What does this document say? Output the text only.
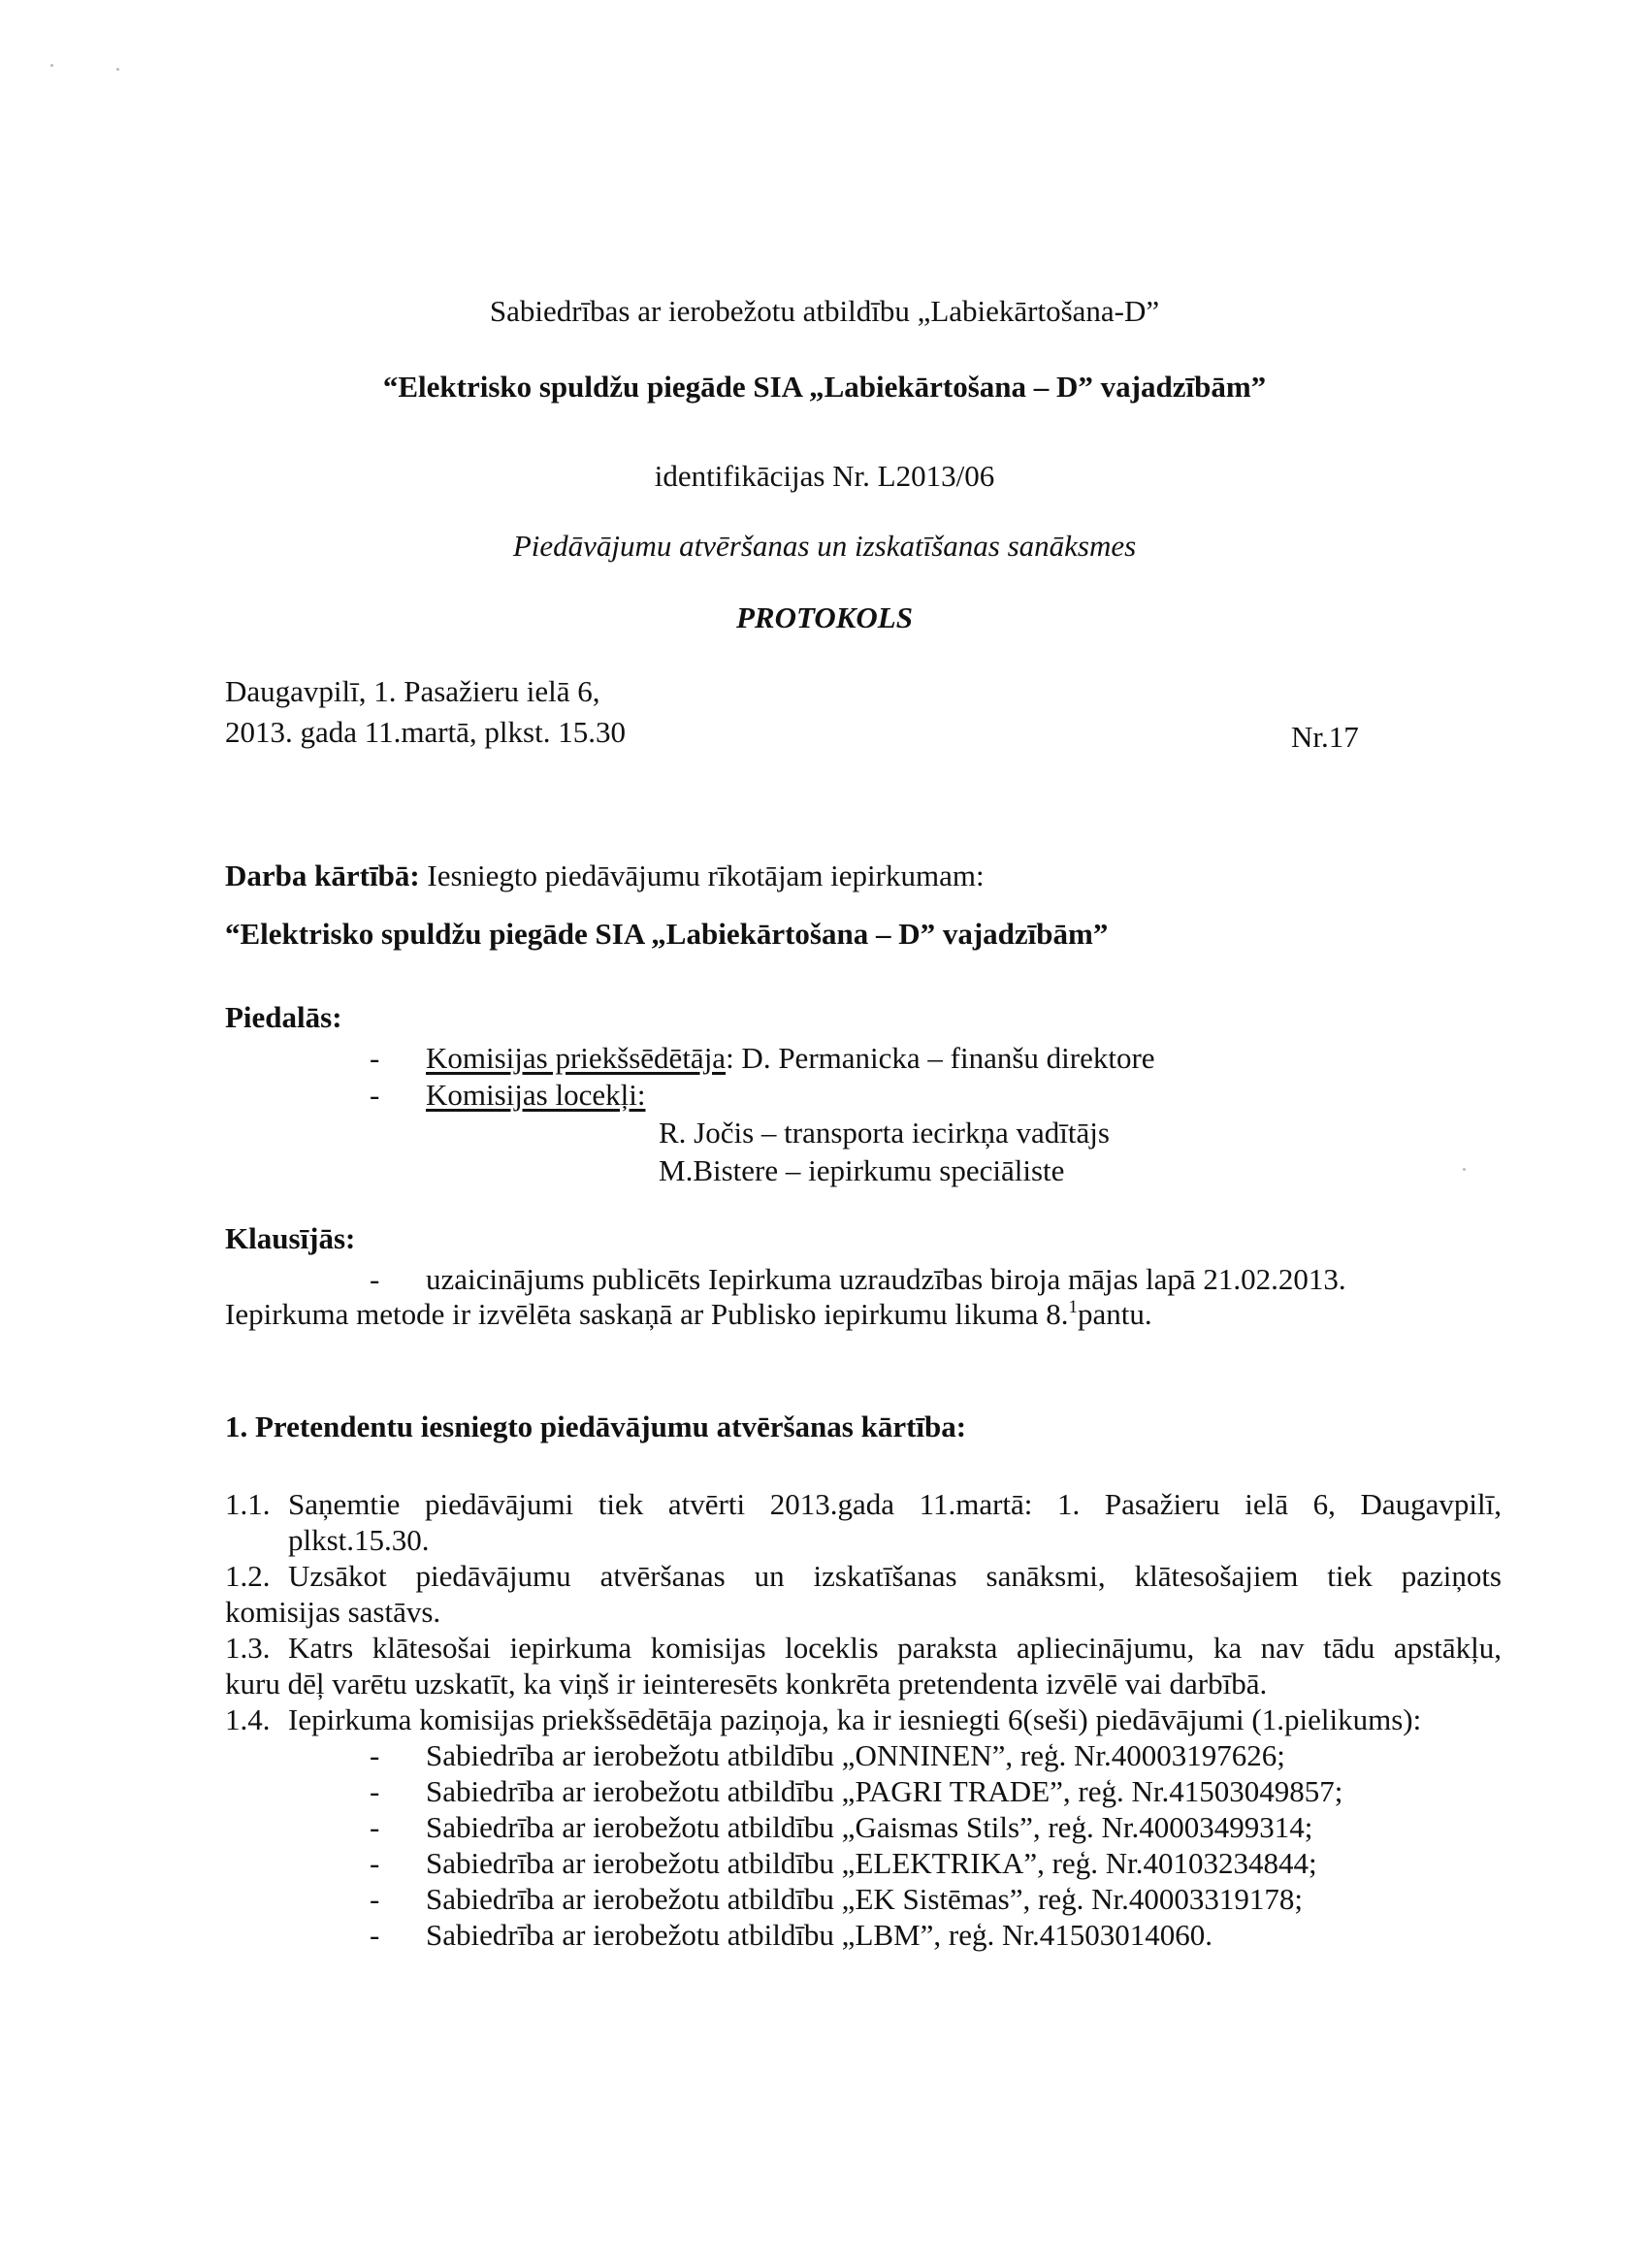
Sabiedrības ar ierobežotu atbildību „Labiekārtošana-D”
“Elektrisko spuldžu piegāde SIA „Labiekārtošana – D” vajadzībām”
identifikācijas Nr. L2013/06
Piedāvājumu atvēršanas un izskatīšanas sanāksmes
PROTOKOLS
Daugavpilī, 1. Pasažieru ielā 6,
2013. gada 11.martā, plkst. 15.30	Nr.17
Darba kārtībā: Iesniegto piedāvājumu rīkotājam iepirkumam:
“Elektrisko spuldžu piegāde SIA „Labiekārtošana – D” vajadzībām”
Piedalās:
- Komisijas priekšsēdētāja: D. Permanicka – finanšu direktore
- Komisijas locekļi:
R. Jočis – transporta iecirkņa vadītājs
M.Bistere – iepirkumu speciāliste
Klausījās:
- uzaicinājums publicēts Iepirkuma uzraudzības biroja mājas lapā 21.02.2013.
Iepirkuma metode ir izvēlēta saskaņā ar Publisko iepirkumu likuma 8.$^1$pantu.
1. Pretendentu iesniegto piedāvājumu atvēršanas kārtība:
1.1. Saņemtie piedāvājumi tiek atvērti 2013.gada 11.martā: 1. Pasažieru ielā 6, Daugavpilī,
plkst.15.30.
1.2. Uzsākot piedāvājumu atvēršanas un izskatīšanas sanāksmi, klātesošajiem tiek paziņots
komisijas sastāvs.
1.3. Katrs klātesošai iepirkuma komisijas loceklis paraksta apliecinājumu, ka nav tādu apstākļu,
kuru dēļ varētu uzskatīt, ka viņš ir ieinteresēts konkrēta pretendenta izvēlē vai darbībā.
1.4. Iepirkuma komisijas priekšsēdētāja paziņoja, ka ir iesniegti 6(seši) piedāvājumi (1.pielikums):
- Sabiedrība ar ierobežotu atbildību „ONNINEN”, reģ. Nr.40003197626;
- Sabiedrība ar ierobežotu atbildību „PAGRI TRADE”, reģ. Nr.41503049857;
- Sabiedrība ar ierobežotu atbildību „Gaismas Stils”, reģ. Nr.40003499314;
- Sabiedrība ar ierobežotu atbildību „ELEKTRIKA”, reģ. Nr.40103234844;
- Sabiedrība ar ierobežotu atbildību „EK Sistēmas”, reģ. Nr.40003319178;
- Sabiedrība ar ierobežotu atbildību „LBM”, reģ. Nr.41503014060.
